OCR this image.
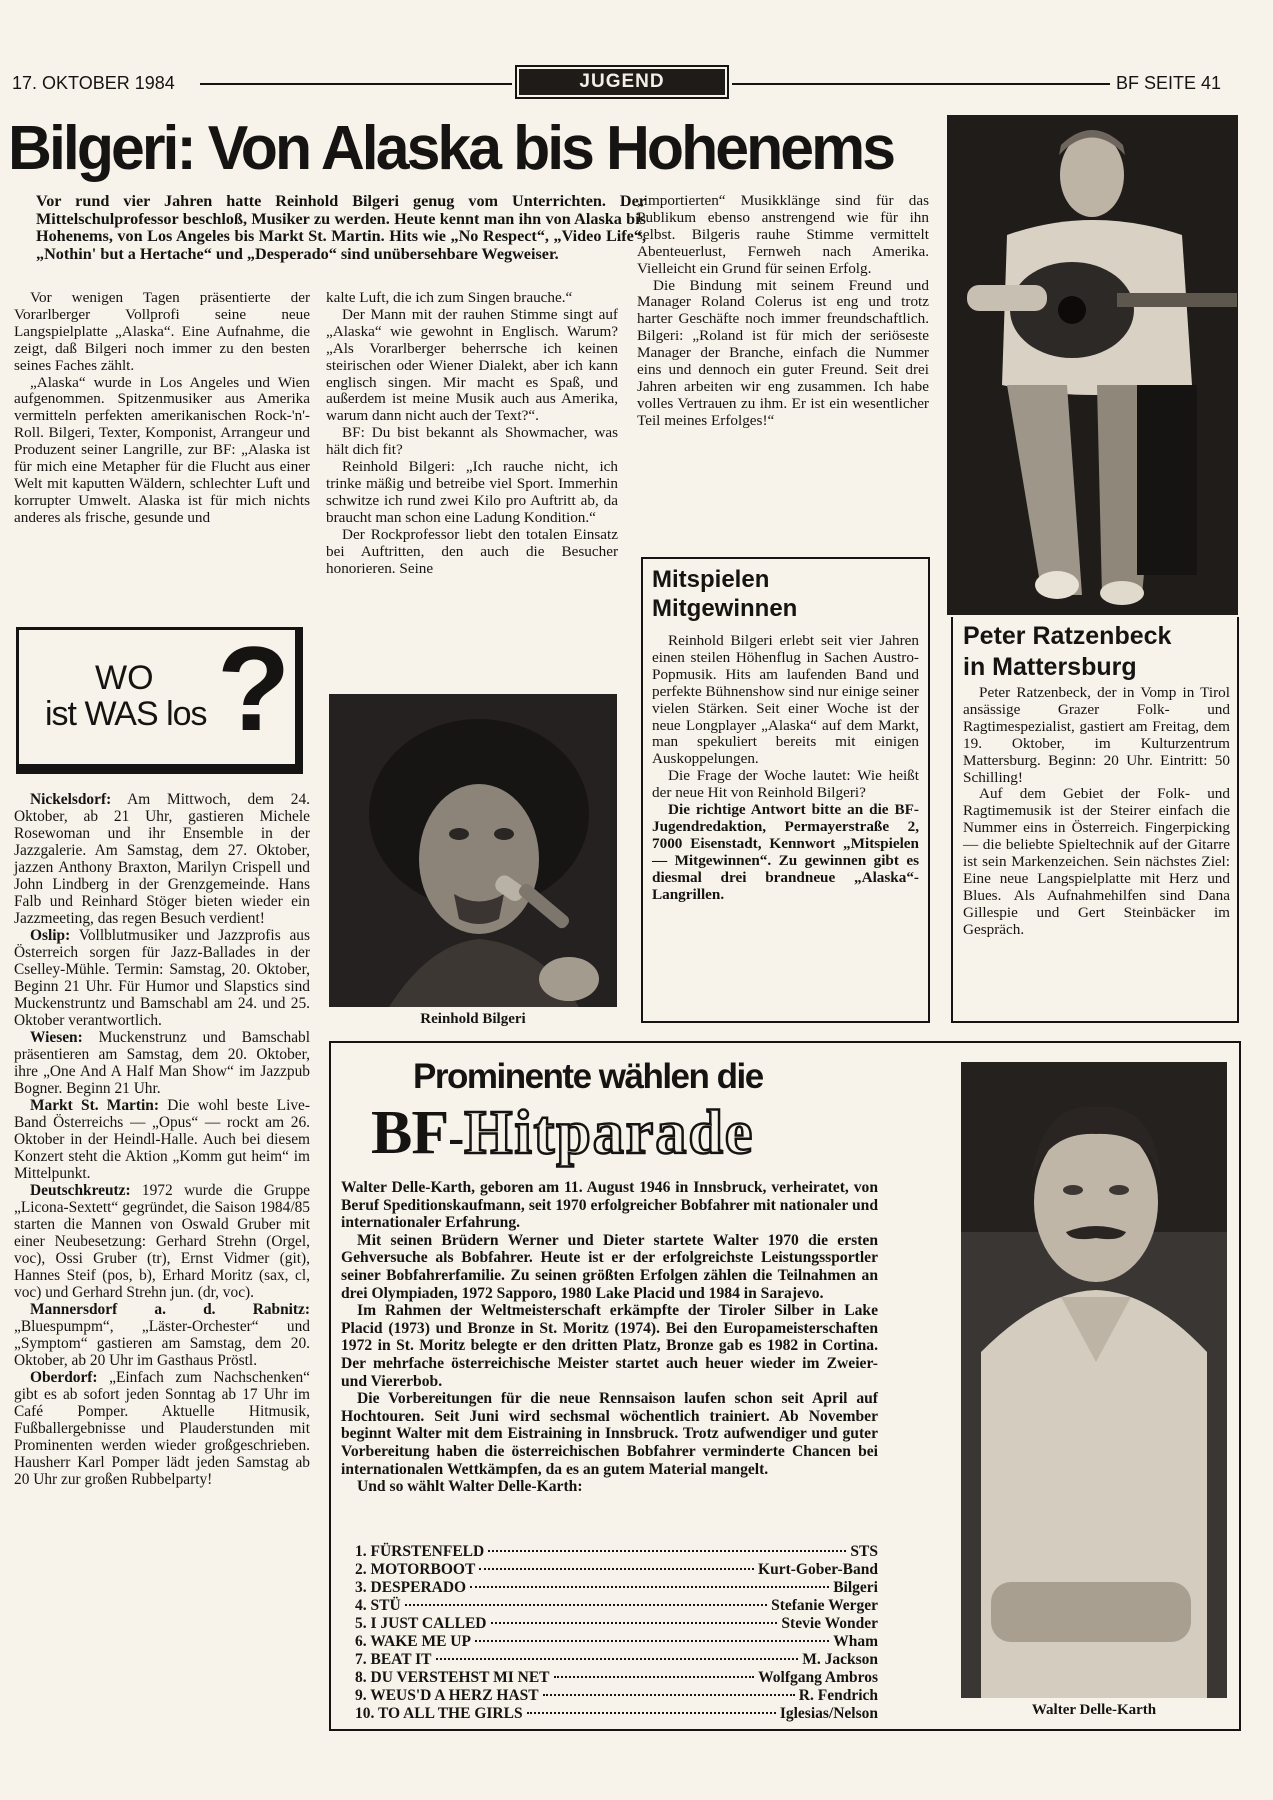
17. OKTOBER 1984	JUGEND	BF SEITE 41
Bilgeri: Von Alaska bis Hohenems
Vor rund vier Jahren hatte Reinhold Bilgeri genug vom Unterrichten. Der Mittelschulprofessor beschloß, Musiker zu werden. Heute kennt man ihn von Alaska bis Hohenems, von Los Angeles bis Markt St. Martin. Hits wie „No Respect“, „Video Life“, „Nothin' but a Hertache“ und „Desperado“ sind unübersehbare Wegweiser.

Vor wenigen Tagen präsentierte der Vorarlberger Vollprofi seine neue Langspielplatte „Alaska“. Eine Aufnahme, die zeigt, daß Bilgeri noch immer zu den besten seines Faches zählt.

„Alaska“ wurde in Los Angeles und Wien aufgenommen. Spitzenmusiker aus Amerika vermitteln perfekten amerikanischen Rock-'n'-Roll. Bilgeri, Texter, Komponist, Arrangeur und Produzent seiner Langrille, zur BF: „Alaska ist für mich eine Metapher für die Flucht aus einer Welt mit kaputten Wäldern, schlechter Luft und korrupter Umwelt. Alaska ist für mich nichts anderes als frische, gesunde und

kalte Luft, die ich zum Singen brauche.“

Der Mann mit der rauhen Stimme singt auf „Alaska“ wie gewohnt in Englisch. Warum? „Als Vorarlberger beherrsche ich keinen steirischen oder Wiener Dialekt, aber ich kann englisch singen. Mir macht es Spaß, und außerdem ist meine Musik auch aus Amerika, warum dann nicht auch der Text?“.

BF: Du bist bekannt als Showmacher, was hält dich fit?

Reinhold Bilgeri: „Ich rauche nicht, ich trinke mäßig und betreibe viel Sport. Immerhin schwitze ich rund zwei Kilo pro Auftritt ab, da braucht man schon eine Ladung Kondition.“

Der Rockprofessor liebt den totalen Einsatz bei Auftritten, den auch die Besucher honorieren. Seine

„importierten“ Musikklänge sind für das Publikum ebenso anstrengend wie für ihn selbst. Bilgeris rauhe Stimme vermittelt Abenteuerlust, Fernweh nach Amerika. Vielleicht ein Grund für seinen Erfolg.

Die Bindung mit seinem Freund und Manager Roland Colerus ist eng und trotz harter Geschäfte noch immer freundschaftlich. Bilgeri: „Roland ist für mich der seriöseste Manager der Branche, einfach die Nummer eins und dennoch ein guter Freund. Seit drei Jahren arbeiten wir eng zusammen. Ich habe volles Vertrauen zu ihm. Er ist ein wesentlicher Teil meines Erfolges!“

Reinhold Bilgeri
WO
ist WAS los ?

Nickelsdorf: Am Mittwoch, dem 24. Oktober, ab 21 Uhr, gastieren Michele Rosewoman und ihr Ensemble in der Jazzgalerie. Am Samstag, dem 27. Oktober, jazzen Anthony Braxton, Marilyn Crispell und John Lindberg in der Grenzgemeinde. Hans Falb und Reinhard Stöger bieten wieder ein Jazzmeeting, das regen Besuch verdient!

Oslip: Vollblutmusiker und Jazzprofis aus Österreich sorgen für Jazz-Ballades in der Cselley-Mühle. Termin: Samstag, 20. Oktober, Beginn 21 Uhr. Für Humor und Slapstics sind Muckenstruntz und Bamschabl am 24. und 25. Oktober verantwortlich.

Wiesen: Muckenstrunz und Bamschabl präsentieren am Samstag, dem 20. Oktober, ihre „One And A Half Man Show“ im Jazzpub Bogner. Beginn 21 Uhr.

Markt St. Martin: Die wohl beste Live-Band Österreichs — „Opus“ — rockt am 26. Oktober in der Heindl-Halle. Auch bei diesem Konzert steht die Aktion „Komm gut heim“ im Mittelpunkt.

Deutschkreutz: 1972 wurde die Gruppe „Licona-Sextett“ gegründet, die Saison 1984/85 starten die Mannen von Oswald Gruber mit einer Neubesetzung: Gerhard Strehn (Orgel, voc), Ossi Gruber (tr), Ernst Vidmer (git), Hannes Steif (pos, b), Erhard Moritz (sax, cl, voc) und Gerhard Strehn jun. (dr, voc).

Mannersdorf a. d. Rabnitz: „Bluespumpm“, „Läster-Orchester“ und „Symptom“ gastieren am Samstag, dem 20. Oktober, ab 20 Uhr im Gasthaus Pröstl.

Oberdorf: „Einfach zum Nachschenken“ gibt es ab sofort jeden Sonntag ab 17 Uhr im Café Pomper. Aktuelle Hitmusik, Fußballergebnisse und Plauderstunden mit Prominenten werden wieder großgeschrieben. Hausherr Karl Pomper lädt jeden Samstag ab 20 Uhr zur großen Rubbelparty!

Mitspielen
Mitgewinnen

Reinhold Bilgeri erlebt seit vier Jahren einen steilen Höhenflug in Sachen Austro-Popmusik. Hits am laufenden Band und perfekte Bühnenshow sind nur einige seiner vielen Stärken. Seit einer Woche ist der neue Longplayer „Alaska“ auf dem Markt, man spekuliert bereits mit einigen Auskoppelungen.

Die Frage der Woche lautet: Wie heißt der neue Hit von Reinhold Bilgeri?

Die richtige Antwort bitte an die BF-Jugendredaktion, Permayerstraße 2, 7000 Eisenstadt, Kennwort „Mitspielen — Mitgewinnen“. Zu gewinnen gibt es diesmal drei brandneue „Alaska“-Langrillen.

Peter Ratzenbeck
in Mattersburg

Peter Ratzenbeck, der in Vomp in Tirol ansässige Grazer Folk- und Ragtimespezialist, gastiert am Freitag, dem 19. Oktober, im Kulturzentrum Mattersburg. Beginn: 20 Uhr. Eintritt: 50 Schilling!

Auf dem Gebiet der Folk- und Ragtimemusik ist der Steirer einfach die Nummer eins in Österreich. Fingerpicking — die beliebte Spieltechnik auf der Gitarre ist sein Markenzeichen. Sein nächstes Ziel: Eine neue Langspielplatte mit Herz und Blues. Als Aufnahmehilfen sind Dana Gillespie und Gert Steinbäcker im Gespräch.

Prominente wählen die
BF-Hitparade

Walter Delle-Karth, geboren am 11. August 1946 in Innsbruck, verheiratet, von Beruf Speditionskaufmann, seit 1970 erfolgreicher Bobfahrer mit nationaler und internationaler Erfahrung.

Mit seinen Brüdern Werner und Dieter startete Walter 1970 die ersten Gehversuche als Bobfahrer. Heute ist er der erfolgreichste Leistungssportler seiner Bobfahrerfamilie. Zu seinen größten Erfolgen zählen die Teilnahmen an drei Olympiaden, 1972 Sapporo, 1980 Lake Placid und 1984 in Sarajevo.

Im Rahmen der Weltmeisterschaft erkämpfte der Tiroler Silber in Lake Placid (1973) und Bronze in St. Moritz (1974). Bei den Europameisterschaften 1972 in St. Moritz belegte er den dritten Platz, Bronze gab es 1982 in Cortina. Der mehrfache österreichische Meister startet auch heuer wieder im Zweier- und Viererbob.

Die Vorbereitungen für die neue Rennsaison laufen schon seit April auf Hochtouren. Seit Juni wird sechsmal wöchentlich trainiert. Ab November beginnt Walter mit dem Eistraining in Innsbruck. Trotz aufwendiger und guter Vorbereitung haben die österreichischen Bobfahrer verminderte Chancen bei internationalen Wettkämpfen, da es an gutem Material mangelt.

Und so wählt Walter Delle-Karth:

1. FÜRSTENFELD	STS
2. MOTORBOOT	Kurt-Gober-Band
3. DESPERADO	Bilgeri
4. STÜ	Stefanie Werger
5. I JUST CALLED	Stevie Wonder
6. WAKE ME UP	Wham
7. BEAT IT	M. Jackson
8. DU VERSTEHST MI NET	Wolfgang Ambros
9. WEUS'D A HERZ HAST	R. Fendrich
10. TO ALL THE GIRLS	Iglesias/Nelson	Walter Delle-Karth
